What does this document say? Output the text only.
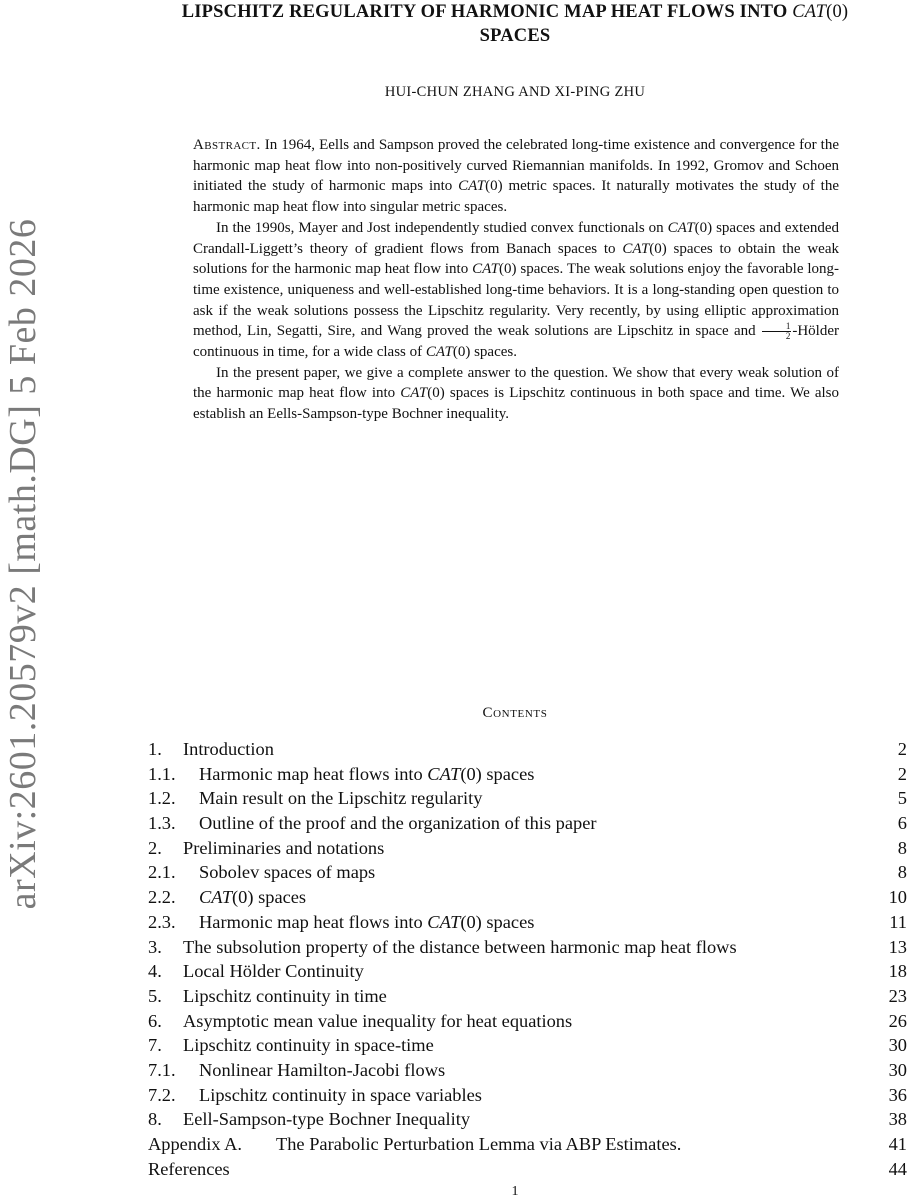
LIPSCHITZ REGULARITY OF HARMONIC MAP HEAT FLOWS INTO CAT(0)
SPACES
HUI-CHUN ZHANG AND XI-PING ZHU

Abstract. In 1964, Eells and Sampson proved the celebrated long-time existence and convergence for the harmonic map heat flow into non-positively curved Riemannian manifolds. In 1992, Gromov and Schoen initiated the study of harmonic maps into CAT(0) metric spaces. It naturally motivates the study of the harmonic map heat flow into singular metric spaces.

In the 1990s, Mayer and Jost independently studied convex functionals on CAT(0) spaces and extended Crandall-Liggett’s theory of gradient flows from Banach spaces to CAT(0) spaces to obtain the weak solutions for the harmonic map heat flow into CAT(0) spaces. The weak solutions enjoy the favorable long-time existence, uniqueness and well-established long-time behaviors. It is a long-standing open question to ask if the weak solutions possess the Lipschitz regularity. Very recently, by using elliptic approximation method, Lin, Segatti, Sire, and Wang proved the weak solutions are Lipschitz in space and $\frac{1}{2}$ -Hölder continuous in time, for a wide class of CAT(0) spaces.

In the present paper, we give a complete answer to the question. We show that every weak solution of the harmonic map heat flow into CAT(0) spaces is Lipschitz continuous in both space and time. We also establish an Eells-Sampson-type Bochner inequality.

arXiv:2601.20579v2 [math.DG] 5 Feb 2026	Contents
1. Introduction	2
1.1. Harmonic map heat flows into CAT(0) spaces	2
1.2. Main result on the Lipschitz regularity	5
1.3. Outline of the proof and the organization of this paper	6
2. Preliminaries and notations	8
2.1. Sobolev spaces of maps	8
2.2. CAT(0) spaces	10
2.3. Harmonic map heat flows into CAT(0) spaces	11
3. The subsolution property of the distance between harmonic map heat flows	13
4. Local Hölder Continuity	18
5. Lipschitz continuity in time	23
6. Asymptotic mean value inequality for heat equations	26
7. Lipschitz continuity in space-time	30
7.1. Nonlinear Hamilton-Jacobi flows	30
7.2. Lipschitz continuity in space variables	36
8. Eell-Sampson-type Bochner Inequality	38
Appendix A. The Parabolic Perturbation Lemma via ABP Estimates.	41
References	44
1
